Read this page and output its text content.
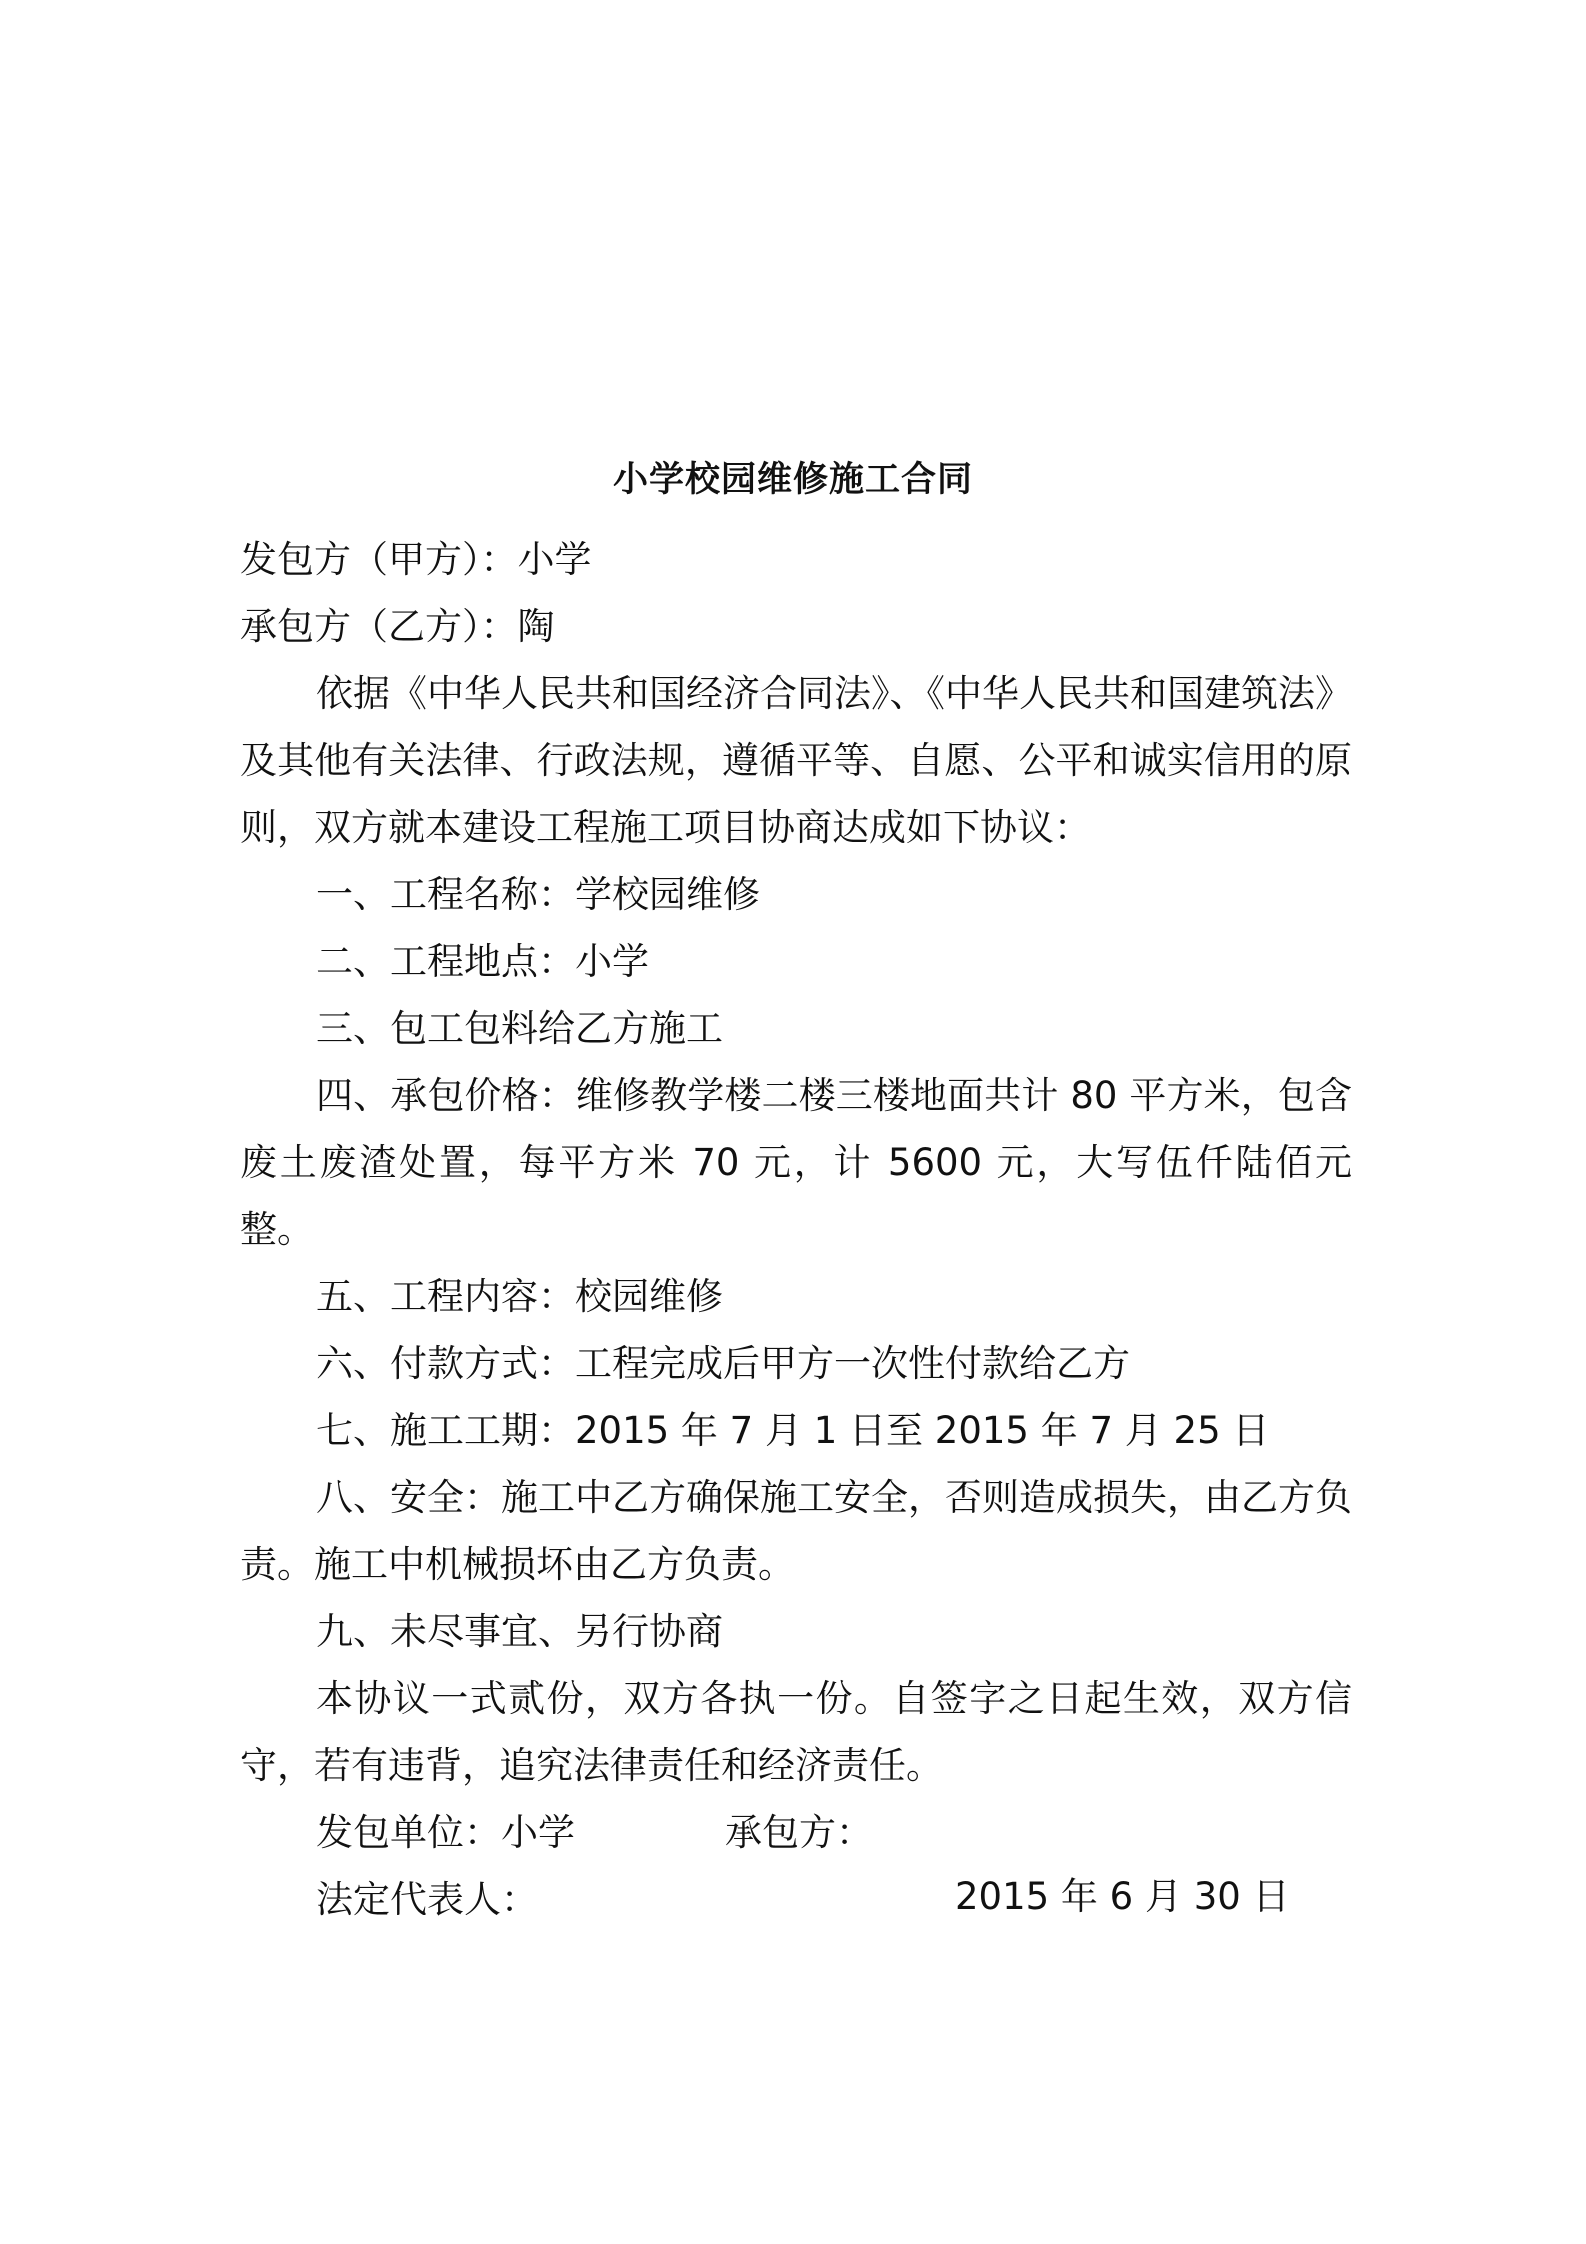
小学校园维修施工合同
发包方（甲方）：小学
承包方（乙方）：陶
依据《中华人民共和国经济合同法》、《中华人民共和国建筑法》及其他有关法律、行政法规，遵循平等、自愿、公平和诚实信用的原则，双方就本建设工程施工项目协商达成如下协议：
一、工程名称：学校园维修
二、工程地点：小学
三、包工包料给乙方施工
四、承包价格：维修教学楼二楼三楼地面共计 80 平方米，包含废土废渣处置，每平方米 70 元，计 5600 元，大写伍仟陆佰元整。
五、工程内容：校园维修
六、付款方式：工程完成后甲方一次性付款给乙方
七、施工工期：2015 年 7 月 1 日至 2015 年 7 月 25 日
八、安全：施工中乙方确保施工安全，否则造成损失，由乙方负责。施工中机械损坏由乙方负责。
九、未尽事宜、另行协商
本协议一式贰份，双方各执一份。自签字之日起生效，双方信守，若有违背，追究法律责任和经济责任。
发包单位：小学	承包方：
法定代表人：	2015 年 6 月 30 日
